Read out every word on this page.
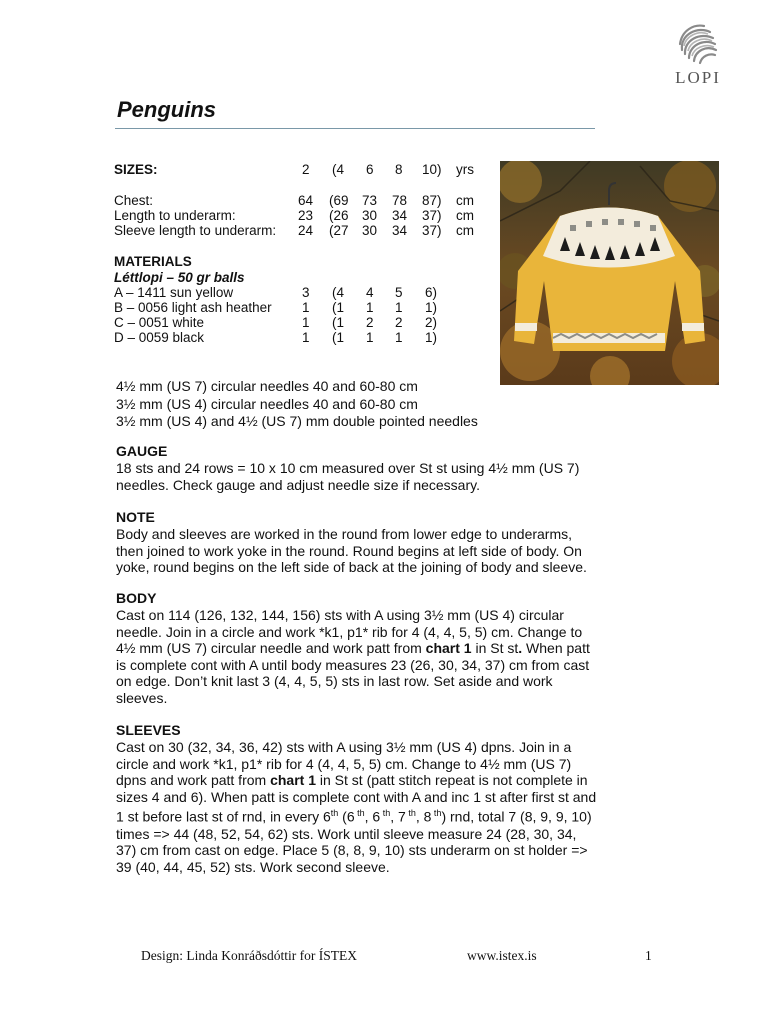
LOPI
Penguins
SIZES:	2 (4 6 8 10) yrs
Chest:	64 (69 73 78 87) cm
Length to underarm:	23 (26 30 34 37) cm
Sleeve length to underarm: 24 (27 30 34 37) cm
MATERIALS
Léttlopi – 50 gr balls
A – 1411 sun yellow	3 (4 4 5 6)
B – 0056 light ash heather 1 (1 1 1 1)
C – 0051 white	1 (1 2 2 2)
D – 0059 black	1 (1 1 1 1)
4½ mm (US 7) circular needles 40 and 60-80 cm
3½ mm (US 4) circular needles 40 and 60-80 cm
3½ mm (US 4) and 4½ (US 7) mm double pointed needles
GAUGE
18 sts and 24 rows = 10 x 10 cm measured over St st using 4½ mm (US 7)
needles. Check gauge and adjust needle size if necessary.
NOTE
Body and sleeves are worked in the round from lower edge to underarms,
then joined to work yoke in the round. Round begins at left side of body. On
yoke, round begins on the left side of back at the joining of body and sleeve.
BODY
Cast on 114 (126, 132, 144, 156) sts with A using 3½ mm (US 4) circular
needle. Join in a circle and work *k1, p1* rib for 4 (4, 4, 5, 5) cm. Change to
4½ mm (US 7) circular needle and work patt from chart 1 in St st. When patt
is complete cont with A until body measures 23 (26, 30, 34, 37) cm from cast
on edge. Don’t knit last 3 (4, 4, 5, 5) sts in last row. Set aside and work
sleeves.
SLEEVES
Cast on 30 (32, 34, 36, 42) sts with A using 3½ mm (US 4) dpns. Join in a
circle and work *k1, p1* rib for 4 (4, 4, 5, 5) cm. Change to 4½ mm (US 7)
dpns and work patt from chart 1 in St st (patt stitch repeat is not complete in
sizes 4 and 6). When patt is complete cont with A and inc 1 st after first st and
1 st before last st of rnd, in every 6th (6 $^{th}$, 6 $^{th}$, 7 $^{th}$, 8 $^{th}$) rnd, total 7 (8, 9, 9, 10)
times => 44 (48, 52, 54, 62) sts. Work until sleeve measure 24 (28, 30, 34,
37) cm from cast on edge. Place 5 (8, 8, 9, 10) sts underarm on st holder =>
39 (40, 44, 45, 52) sts. Work second sleeve.
Design: Linda Konráðsdóttir for ÍSTEX	www.istex.is	1
